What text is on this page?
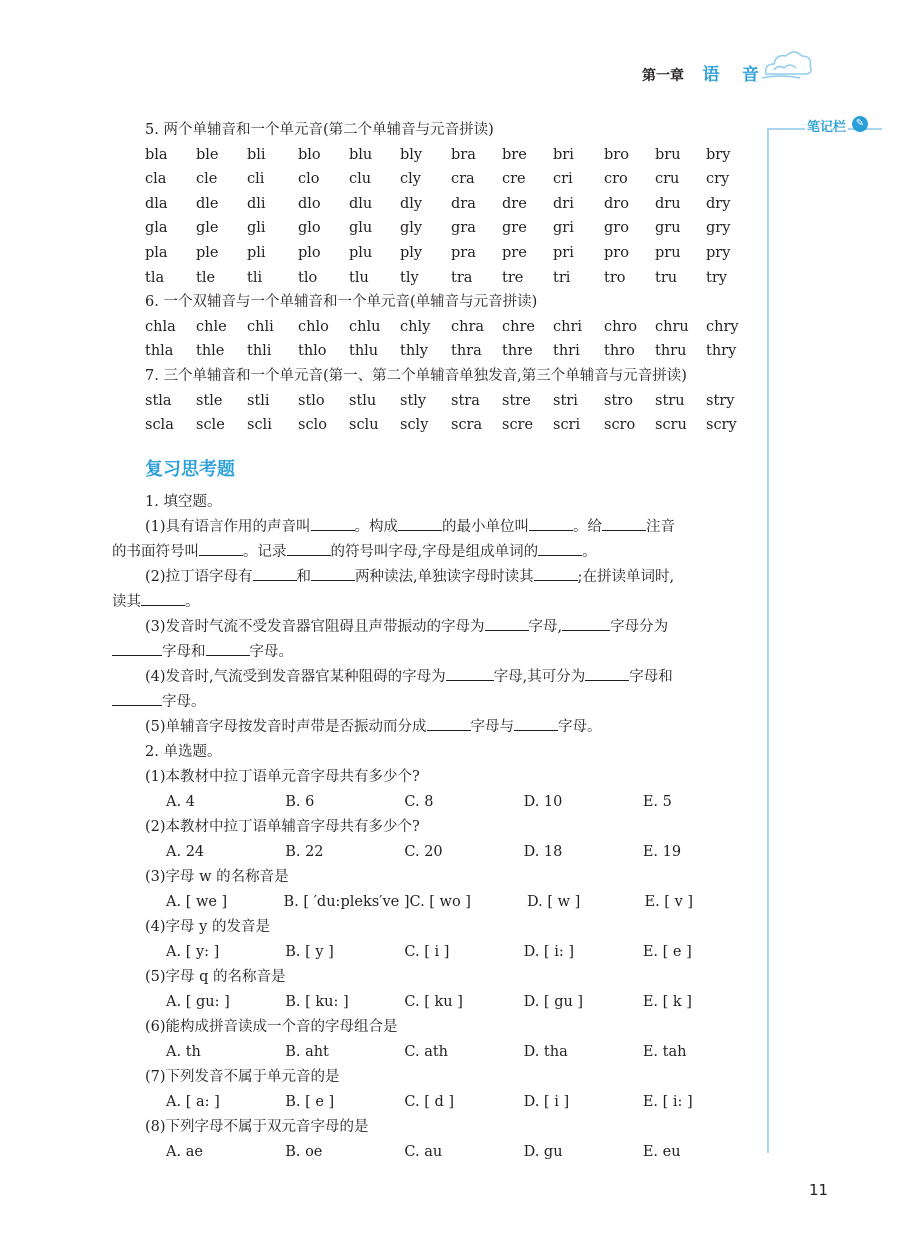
第一章 语 音
笔记栏 ✎
5. 两个单辅音和一个单元音(第二个单辅音与元音拼读)
bla	ble	bli	blo	blu	bly	bra	bre	bri	bro	bru	bry
cla	cle	cli	clo	clu	cly	cra	cre	cri	cro	cru	cry
dla	dle	dli	dlo	dlu	dly	dra	dre	dri	dro	dru	dry
gla	gle	gli	glo	glu	gly	gra	gre	gri	gro	gru	gry
pla	ple	pli	plo	plu	ply	pra	pre	pri	pro	pru	pry
tla	tle	tli	tlo	tlu	tly	tra	tre	tri	tro	tru	try
6. 一个双辅音与一个单辅音和一个单元音(单辅音与元音拼读)
chla	chle	chli	chlo	chlu	chly	chra	chre	chri	chro	chru	chry
thla	thle	thli	thlo	thlu	thly	thra	thre	thri	thro	thru	thry
7. 三个单辅音和一个单元音(第一、第二个单辅音单独发音,第三个单辅音与元音拼读)
stla	stle	stli	stlo	stlu	stly	stra	stre	stri	stro	stru	stry
scla	scle	scli	sclo	sclu	scly	scra	scre	scri	scro	scru	scry
复习思考题
1. 填空题。
(1)具有语言作用的声音叫	。构成	的最小单位叫	。给	注音
的书面符号叫	。记录	的符号叫字母,字母是组成单词的	。
(2)拉丁语字母有	和	两种读法,单独读字母时读其	;在拼读单词时,
读其	。
(3)发音时气流不受发音器官阻碍且声带振动的字母为	字母,	字母分为
字母和	字母。
(4)发音时,气流受到发音器官某种阻碍的字母为	字母,其可分为	字母和
字母。
(5)单辅音字母按发音时声带是否振动而分成	字母与	字母。
2. 单选题。
(1)本教材中拉丁语单元音字母共有多少个?
A. 4	B. 6	C. 8	D. 10	E. 5
(2)本教材中拉丁语单辅音字母共有多少个?
A. 24	B. 22	C. 20	D. 18	E. 19
(3)字母 w 的名称音是
A. [ we ]	B. [ ′du:pleks′ve ] C. [ wo ]	D. [ w ]	E. [ v ]
(4)字母 y 的发音是
A. [ y: ]	B. [ y ]	C. [ i ]	D. [ i: ]	E. [ e ]
(5)字母 q 的名称音是
A. [ gu: ]	B. [ ku: ]	C. [ ku ]	D. [ gu ]	E. [ k ]
(6)能构成拼音读成一个音的字母组合是
A. th	B. aht	C. ath	D. tha	E. tah
(7)下列发音不属于单元音的是
A. [ a: ]	B. [ e ]	C. [ d ]	D. [ i ]	E. [ i: ]
(8)下列字母不属于双元音字母的是
A. ae	B. oe	C. au	D. gu	E. eu
11
